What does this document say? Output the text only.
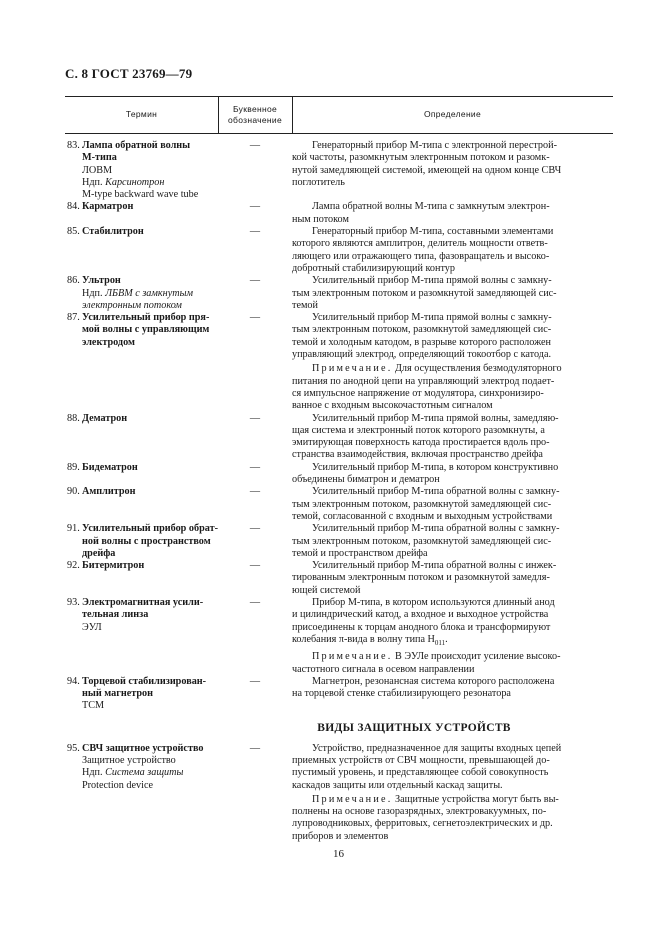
С. 8 ГОСТ 23769—79
Термин
Буквенное
обозначение
Определение
83. Лампа обратной волны
М-типа
ЛОВМ
Ндп. Карсинотрон
M-type backward wave tube
—	Генераторный прибор М-типа с электронной перестрой-
кой частоты, разомкнутым электронным потоком и разомк-
нутой замедляющей системой, имеющей на одном конце СВЧ
поглотитель
84. Карматрон	—	Лампа обратной волны М-типа с замкнутым электрон-
ным потоком
85. Стабилитрон	—	Генераторный прибор М-типа, составными элементами
которого являются амплитрон, делитель мощности ответв-
ляющего или отражающего типа, фазовращатель и высоко-
добротный стабилизирующий контур
86. Ультрон
Ндп. ЛБВМ с замкнутым
электронным потоком
—	Усилительный прибор М-типа прямой волны с замкну-
тым электронным потоком и разомкнутой замедляющей сис-
темой
87. Усилительный прибор пря-
мой волны с управляющим
электродом
—	Усилительный прибор М-типа прямой волны с замкну-
тым электронным потоком, разомкнутой замедляющей сис-
темой и холодным катодом, в разрыве которого расположен
управляющий электрод, определяющий токоотбор с катода.
Примечание. Для осуществления безмодуляторного
питания по анодной цепи на управляющий электрод подает-
ся импульсное напряжение от модулятора, синхронизиро-
ванное с входным высокочастотным сигналом
88. Дематрон	—	Усилительный прибор М-типа прямой волны, замедляю-
щая система и электронный поток которого разомкнуты, а
эмитирующая поверхность катода простирается вдоль про-
странства взаимодействия, включая пространство дрейфа
89. Бидематрон	—	Усилительный прибор М-типа, в котором конструктивно
объединены биматрон и дематрон
90. Амплитрон	—	Усилительный прибор М-типа обратной волны с замкну-
тым электронным потоком, разомкнутой замедляющей сис-
темой, согласованной с входным и выходным устройствами
91. Усилительный прибор обрат-
ной волны с пространством
дрейфа
—	Усилительный прибор М-типа обратной волны с замкну-
тым электронным потоком, разомкнутой замедляющей сис-
темой и пространством дрейфа
92. Битермитрон	—	Усилительный прибор М-типа обратной волны с инжек-
тированным электронным потоком и разомкнутой замедля-
ющей системой
93. Электромагнитная усили-
тельная линза
ЭУЛ
—	Прибор М-типа, в котором используются длинный анод
и цилиндрический катод, а входное и выходное устройства
присоединены к торцам анодного блока и трансформируют
колебания π-вида в волну типа $H_{011}$.
Примечание. В ЭУЛе происходит усиление высоко-
частотного сигнала в осевом направлении
94. Торцевой стабилизирован-
ный магнетрон
ТСМ
—	Магнетрон, резонансная система которого расположена
на торцевой стенке стабилизирующего резонатора
ВИДЫ ЗАЩИТНЫХ УСТРОЙСТВ
95. СВЧ защитное устройство
Защитное устройство
Ндп. Система защиты
Protection device
—	Устройство, предназначенное для защиты входных цепей
приемных устройств от СВЧ мощности, превышающей до-
пустимый уровень, и представляющее собой совокупность
каскадов защиты или отдельный каскад защиты.
Примечание. Защитные устройства могут быть вы-
полнены на основе газоразрядных, электровакуумных, по-
лупроводниковых, ферритовых, сегнетоэлектрических и др.
приборов и элементов
16
